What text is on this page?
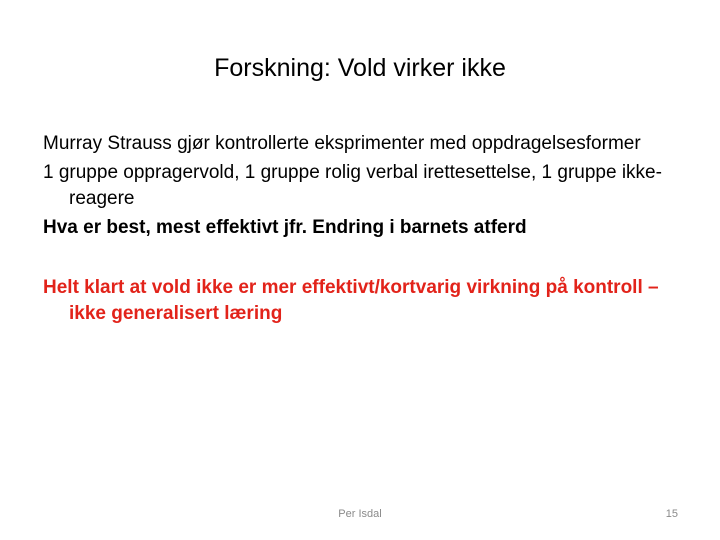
Forskning: Vold virker ikke

Murray Strauss gjør kontrollerte eksprimenter med oppdragelsesformer

1 gruppe oppragervold, 1 gruppe rolig verbal irettesettelse, 1 gruppe ikke-reagere

Hva er best, mest effektivt jfr. Endring i barnets atferd

Helt klart at vold ikke er mer effektivt/kortvarig virkning på kontroll – ikke generalisert læring

Per Isdal	15
